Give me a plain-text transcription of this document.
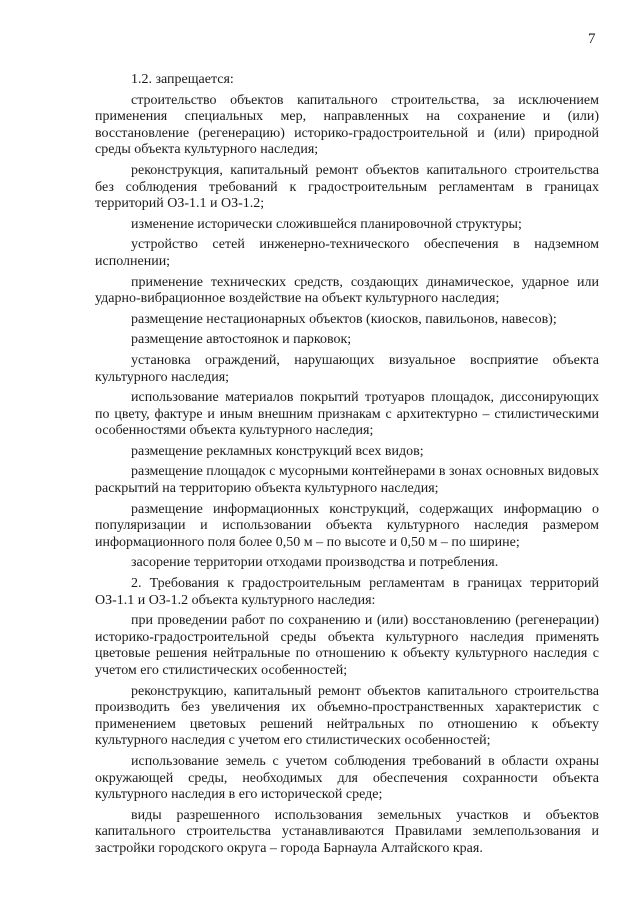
7

1.2. запрещается:

строительство объектов капитального строительства, за исключением применения специальных мер, направленных на сохранение и (или) восстановление (регенерацию) историко-градостроительной и (или) природной среды объекта культурного наследия;

реконструкция, капитальный ремонт объектов капитального строительства без соблюдения требований к градостроительным регламентам в границах территорий ОЗ-1.1 и ОЗ-1.2;

изменение исторически сложившейся планировочной структуры;

устройство сетей инженерно-технического обеспечения в надземном исполнении;

применение технических средств, создающих динамическое, ударное или ударно-вибрационное воздействие на объект культурного наследия;

размещение нестационарных объектов (киосков, павильонов, навесов);

размещение автостоянок и парковок;

установка ограждений, нарушающих визуальное восприятие объекта культурного наследия;

использование материалов покрытий тротуаров площадок, диссонирующих по цвету, фактуре и иным внешним признакам с архитектурно – стилистическими особенностями объекта культурного наследия;

размещение рекламных конструкций всех видов;

размещение площадок с мусорными контейнерами в зонах основных видовых раскрытий на территорию объекта культурного наследия;

размещение информационных конструкций, содержащих информацию о популяризации и использовании объекта культурного наследия размером информационного поля более 0,50 м – по высоте и 0,50 м – по ширине;

засорение территории отходами производства и потребления.

2. Требования к градостроительным регламентам в границах территорий ОЗ-1.1 и ОЗ-1.2 объекта культурного наследия:

при проведении работ по сохранению и (или) восстановлению (регенерации) историко-градостроительной среды объекта культурного наследия применять цветовые решения нейтральные по отношению к объекту культурного наследия с учетом его стилистических особенностей;

реконструкцию, капитальный ремонт объектов капитального строительства производить без увеличения их объемно-пространственных характеристик с применением цветовых решений нейтральных по отношению к объекту культурного наследия с учетом его стилистических особенностей;

использование земель с учетом соблюдения требований в области охраны окружающей среды, необходимых для обеспечения сохранности объекта культурного наследия в его исторической среде;

виды разрешенного использования земельных участков и объектов капитального строительства устанавливаются Правилами землепользования и застройки городского округа – города Барнаула Алтайского края.
